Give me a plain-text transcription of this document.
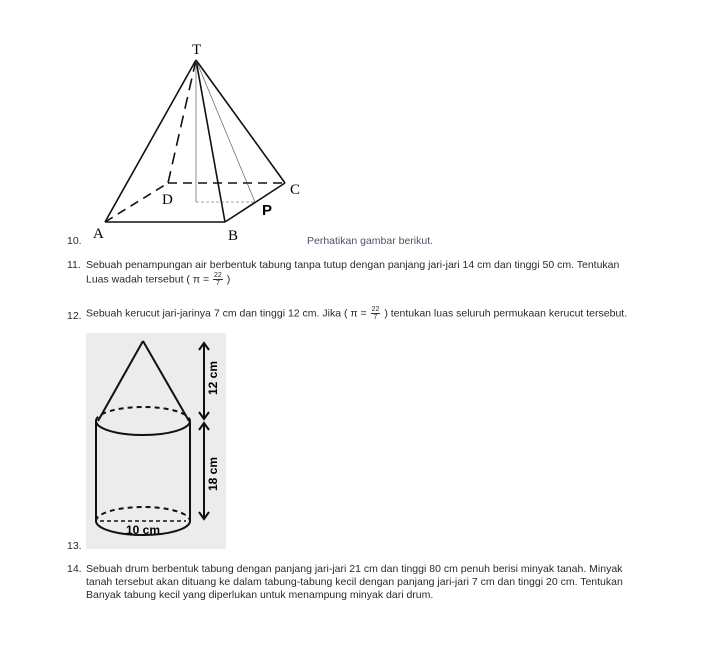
T
A	B
C
D
P
10.	Perhatikan gambar berikut.
11. Sebuah penampungan air berbentuk tabung tanpa tutup dengan panjang jari-jari 14 cm dan tinggi 50 cm. Tentukan
Luas wadah tersebut ( $\pi = \frac{22}{7}$ )
12. Sebuah kerucut jari-jarinya 7 cm dan tinggi 12 cm. Jika ( $\pi = \frac{22}{7}$ ) tentukan luas seluruh permukaan kerucut tersebut.
12 cm
18 cm
10 cm
13.
14. Sebuah drum berbentuk tabung dengan panjang jari-jari 21 cm dan tinggi 80 cm penuh berisi minyak tanah. Minyak
tanah tersebut akan dituang ke dalam tabung-tabung kecil dengan panjang jari-jari 7 cm dan tinggi 20 cm. Tentukan
Banyak tabung kecil yang diperlukan untuk menampung minyak dari drum.
